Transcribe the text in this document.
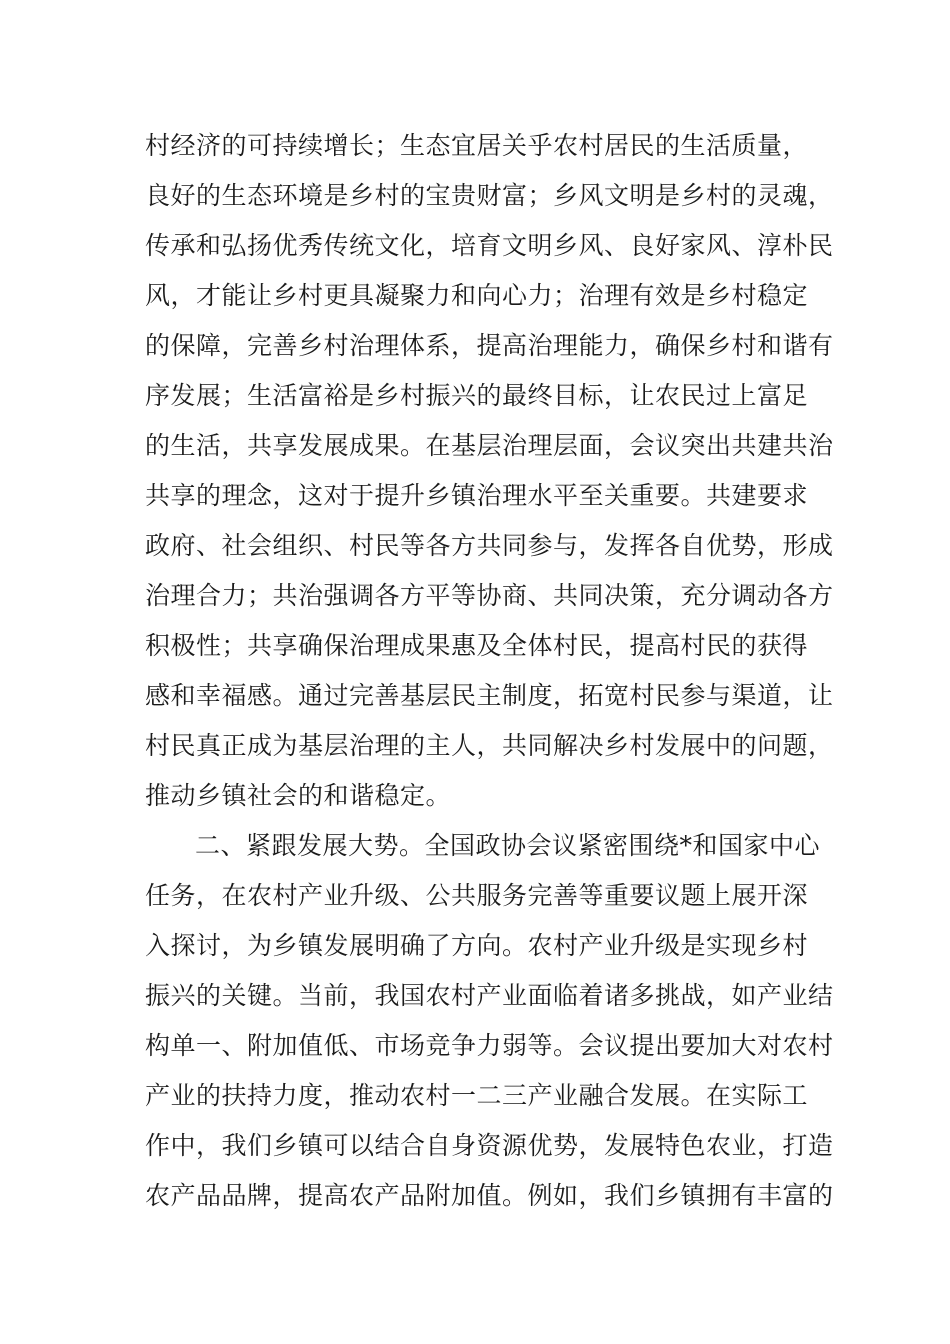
村经济的可持续增长；生态宜居关乎农村居民的生活质量，
良好的生态环境是乡村的宝贵财富；乡风文明是乡村的灵魂，
传承和弘扬优秀传统文化，培育文明乡风、良好家风、淳朴民
风，才能让乡村更具凝聚力和向心力；治理有效是乡村稳定
的保障，完善乡村治理体系，提高治理能力，确保乡村和谐有
序发展；生活富裕是乡村振兴的最终目标，让农民过上富足
的生活，共享发展成果。在基层治理层面，会议突出共建共治
共享的理念，这对于提升乡镇治理水平至关重要。共建要求
政府、社会组织、村民等各方共同参与，发挥各自优势，形成
治理合力；共治强调各方平等协商、共同决策，充分调动各方
积极性；共享确保治理成果惠及全体村民，提高村民的获得
感和幸福感。通过完善基层民主制度，拓宽村民参与渠道，让
村民真正成为基层治理的主人，共同解决乡村发展中的问题，
推动乡镇社会的和谐稳定。
二、紧跟发展大势。全国政协会议紧密围绕*和国家中心
任务，在农村产业升级、公共服务完善等重要议题上展开深
入探讨，为乡镇发展明确了方向。农村产业升级是实现乡村
振兴的关键。当前，我国农村产业面临着诸多挑战，如产业结
构单一、附加值低、市场竞争力弱等。会议提出要加大对农村
产业的扶持力度，推动农村一二三产业融合发展。在实际工
作中，我们乡镇可以结合自身资源优势，发展特色农业，打造
农产品品牌，提高农产品附加值。例如，我们乡镇拥有丰富的
